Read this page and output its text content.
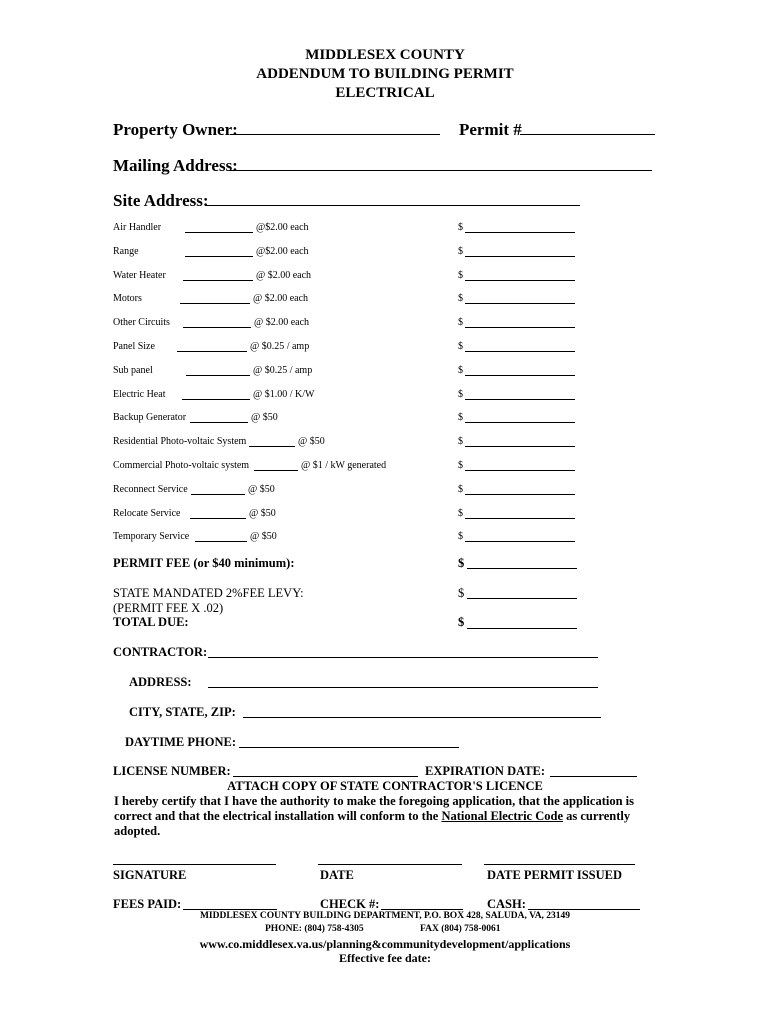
MIDDLESEX COUNTY
ADDENDUM TO BUILDING PERMIT
ELECTRICAL
Property Owner:	Permit #
Mailing Address:
Site Address:
Air Handler	@$2.00 each	$
Range	@$2.00 each	$
Water Heater	@ $2.00 each	$
Motors	@ $2.00 each	$
Other Circuits	@ $2.00 each	$
Panel Size	@ $0.25 / amp	$
Sub panel	@ $0.25 / amp	$
Electric Heat	@ $1.00 / K/W	$
Backup Generator	@ $50	$
Residential Photo-voltaic System	@ $50	$
Commercial Photo-voltaic system	@ $1 / kW generated	$
Reconnect Service	@ $50	$
Relocate Service	@ $50	$
Temporary Service	@ $50	$
PERMIT FEE (or $40 minimum):	$
STATE MANDATED 2%FEE LEVY:	$
(PERMIT FEE X .02)
TOTAL DUE:	$
CONTRACTOR:
ADDRESS:
CITY, STATE, ZIP:
DAYTIME PHONE:
LICENSE NUMBER:	EXPIRATION DATE:
ATTACH COPY OF STATE CONTRACTOR'S LICENCE
I hereby certify that I have the authority to make the foregoing application, that the application is correct and that the electrical installation will conform to the National Electric Code as currently adopted.
SIGNATURE	DATE	DATE PERMIT ISSUED
FEES PAID:	CHECK #:	CASH:
MIDDLESEX COUNTY BUILDING DEPARTMENT, P.O. BOX 428, SALUDA, VA, 23149
PHONE: (804) 758-4305	FAX (804) 758-0061
www.co.middlesex.va.us/planning&communitydevelopment/applications
Effective fee date:
